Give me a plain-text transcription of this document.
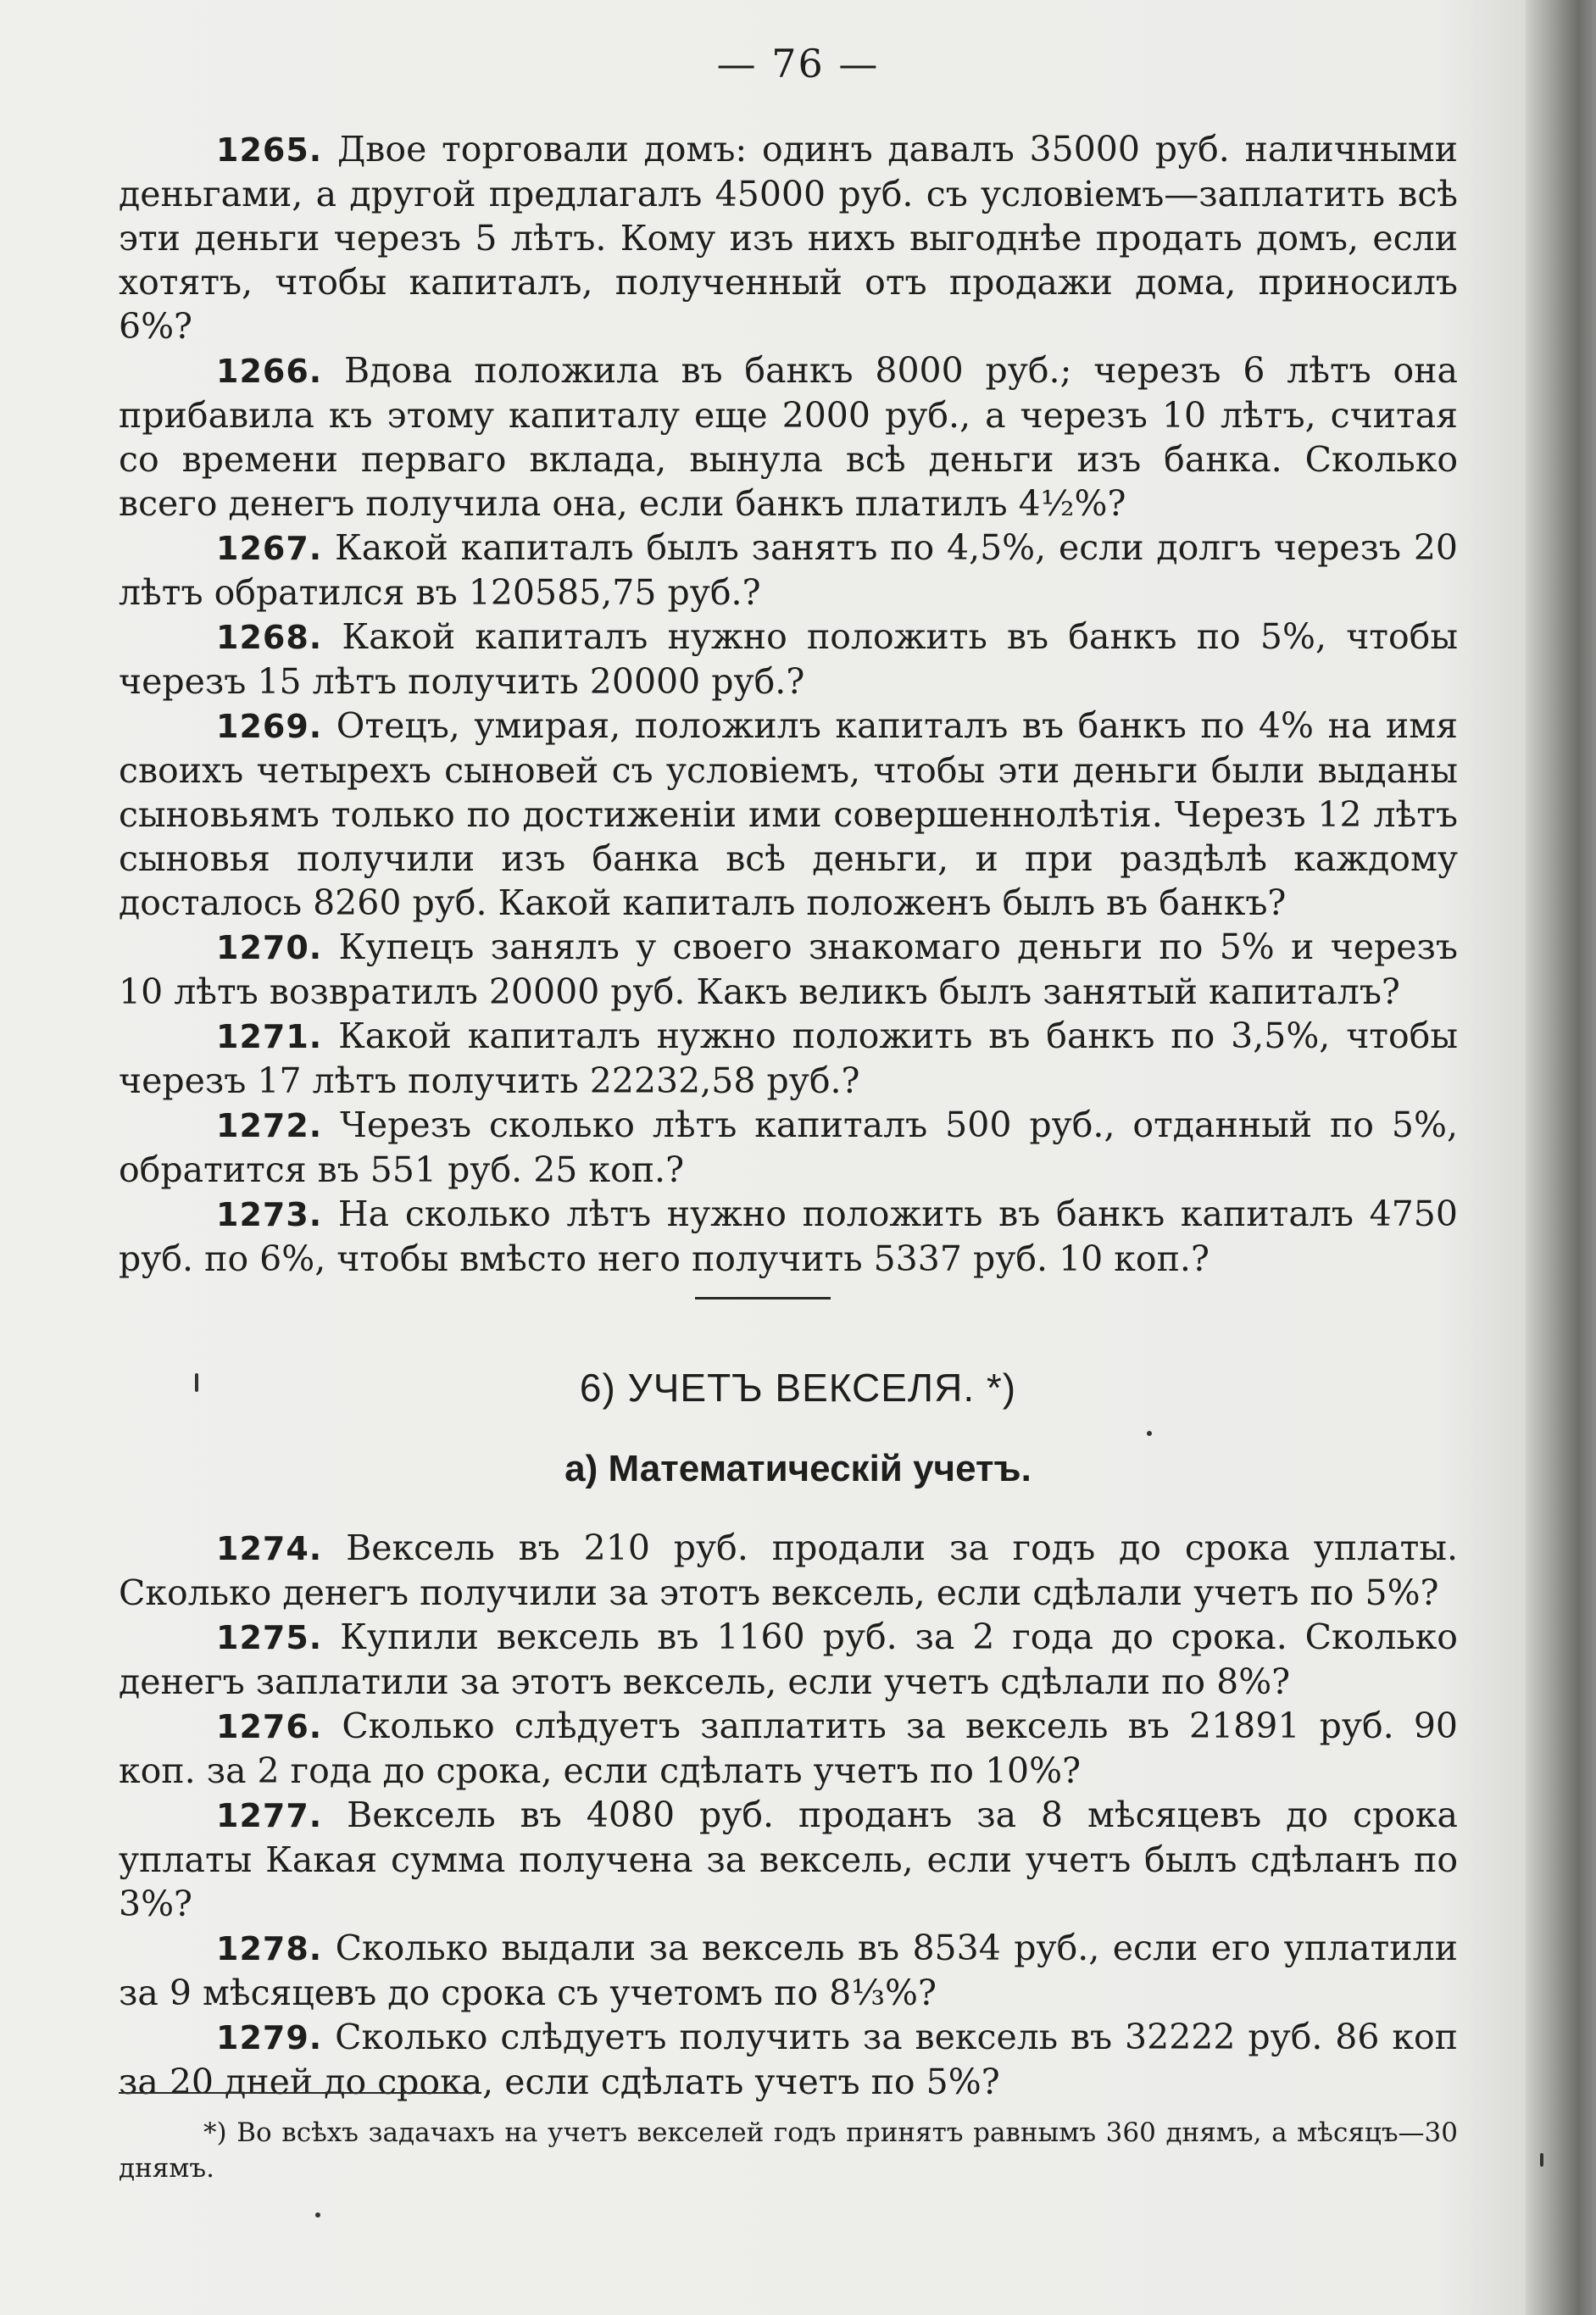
— 76 —

1265. Двое торговали домъ: одинъ давалъ 35000 руб. наличными деньгами, а другой предлагалъ 45000 руб. съ условіемъ—заплатить всѣ эти деньги черезъ 5 лѣтъ. Кому изъ нихъ выгоднѣе продать домъ, если хотятъ, чтобы капиталъ, полученный отъ продажи дома, приносилъ 6%?

1266. Вдова положила въ банкъ 8000 руб.; черезъ 6 лѣтъ она прибавила къ этому капиталу еще 2000 руб., а черезъ 10 лѣтъ, считая со времени перваго вклада, вынула всѣ деньги изъ банка. Сколько всего денегъ получила она, если банкъ платилъ 4½%?

1267. Какой капиталъ былъ занятъ по 4,5%, если долгъ черезъ 20 лѣтъ обратился въ 120585,75 руб.?

1268. Какой капиталъ нужно положить въ банкъ по 5%, чтобы черезъ 15 лѣтъ получить 20000 руб.?

1269. Отецъ, умирая, положилъ капиталъ въ банкъ по 4% на имя своихъ четырехъ сыновей съ условіемъ, чтобы эти деньги были выданы сыновьямъ только по достиженіи ими совершеннолѣтія. Черезъ 12 лѣтъ сыновья получили изъ банка всѣ деньги, и при раздѣлѣ каждому досталось 8260 руб. Какой капиталъ положенъ былъ въ банкъ?

1270. Купецъ занялъ у своего знакомаго деньги по 5% и черезъ 10 лѣтъ возвратилъ 20000 руб. Какъ великъ былъ занятый капиталъ?

1271. Какой капиталъ нужно положить въ банкъ по 3,5%, чтобы черезъ 17 лѣтъ получить 22232,58 руб.?

1272. Черезъ сколько лѣтъ капиталъ 500 руб., отданный по 5%, обратится въ 551 руб. 25 коп.?

1273. На сколько лѣтъ нужно положить въ банкъ капиталъ 4750 руб. по 6%, чтобы вмѣсто него получить 5337 руб. 10 коп.?

6) УЧЕТЪ ВЕКСЕЛЯ. *)
а) Математическій учетъ.

1274. Вексель въ 210 руб. продали за годъ до срока уплаты. Сколько денегъ получили за этотъ вексель, если сдѣлали учетъ по 5%?

1275. Купили вексель въ 1160 руб. за 2 года до срока. Сколько денегъ заплатили за этотъ вексель, если учетъ сдѣлали по 8%?

1276. Сколько слѣдуетъ заплатить за вексель въ 21891 руб. 90 коп. за 2 года до срока, если сдѣлать учетъ по 10%?

1277. Вексель въ 4080 руб. проданъ за 8 мѣсяцевъ до срока уплаты Какая сумма получена за вексель, если учетъ былъ сдѣланъ по 3%?

1278. Сколько выдали за вексель въ 8534 руб., если его уплатили за 9 мѣсяцевъ до срока съ учетомъ по 8⅓%?

1279. Сколько слѣдуетъ получить за вексель въ 32222 руб. 86 коп за 20 дней до срока, если сдѣлать учетъ по 5%?

*) Во всѣхъ задачахъ на учетъ векселей годъ принятъ равнымъ 360 днямъ, а мѣсяцъ—30 днямъ.
